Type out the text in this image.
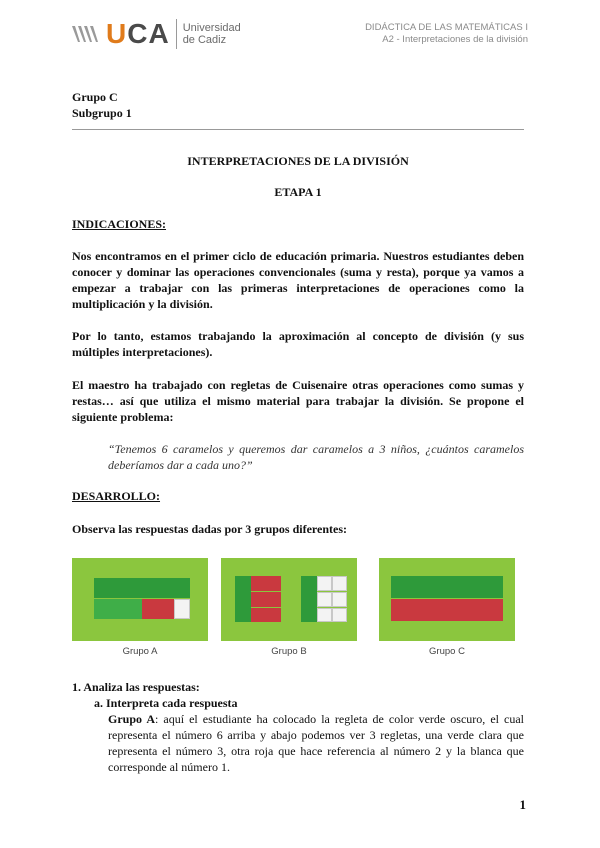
UCA Universidad
de Cadiz
DIDÁCTICA DE LAS MATEMÁTICAS I
A2 - Interpretaciones de la división
Grupo C
Subgrupo 1
INTERPRETACIONES DE LA DIVISIÓN
ETAPA 1
INDICACIONES:
Nos encontramos en el primer ciclo de educación primaria. Nuestros estudiantes deben conocer y dominar las operaciones convencionales (suma y resta), porque ya vamos a empezar a trabajar con las primeras interpretaciones de operaciones como la multiplicación y la división.
Por lo tanto, estamos trabajando la aproximación al concepto de división (y sus múltiples interpretaciones).
El maestro ha trabajado con regletas de Cuisenaire otras operaciones como sumas y restas… así que utiliza el mismo material para trabajar la división. Se propone el siguiente problema:
“Tenemos 6 caramelos y queremos dar caramelos a 3 niños, ¿cuántos caramelos deberíamos dar a cada uno?”
DESARROLLO:
Observa las respuestas dadas por 3 grupos diferentes:
Grupo A	Grupo B	Grupo C
1. Analiza las respuestas:
a. Interpreta cada respuesta
Grupo A: aquí el estudiante ha colocado la regleta de color verde oscuro, el cual representa el número 6 arriba y abajo podemos ver 3 regletas, una verde clara que representa el número 3, otra roja que hace referencia al número 2 y la blanca que corresponde al número 1.
1
